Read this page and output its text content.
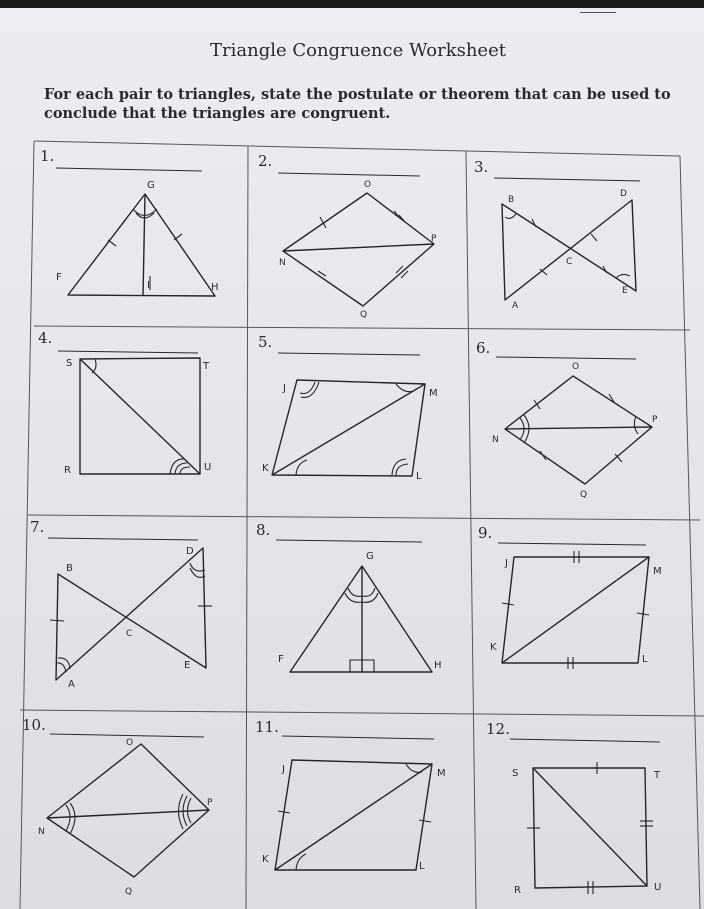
Triangle Congruence Worksheet
For each pair to triangles, state the postulate or theorem that can be used to
conclude that the triangles are congruent.
1.
G
F
I	H
2.
O
N
P
Q
3.
B
D
C
E
A
4.
S	T
R	U
5.
J	M
K
L
6.
O
N
P
Q
7.
B
D
C
E
A
8.
G
F
H
9.
J
M
K
L
10.
O
N
P
Q
11.
J	M
K
L
12.
S	T
R	U
